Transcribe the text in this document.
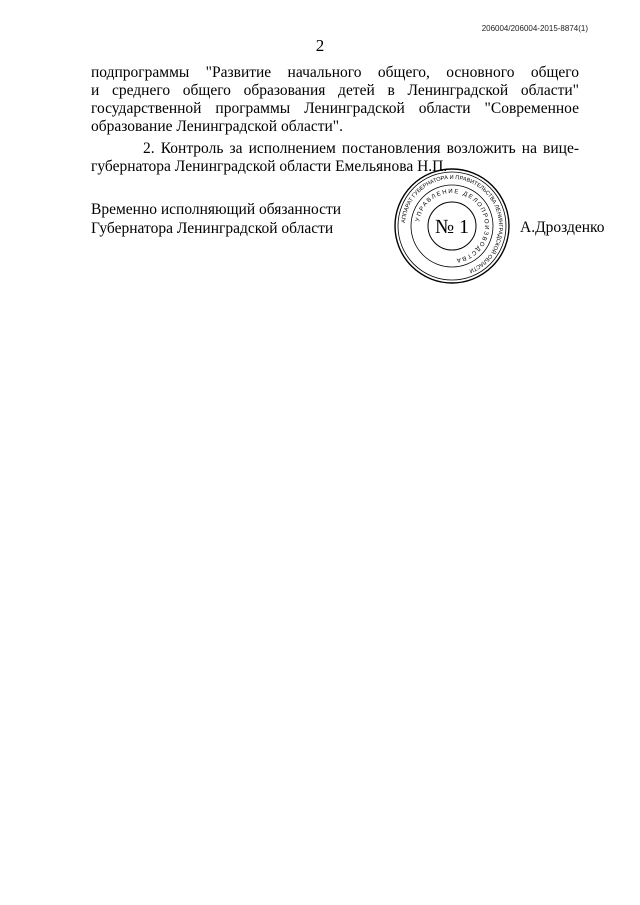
206004/206004-2015-8874(1)
2
подпрограммы "Развитие начального общего, основного общего
и среднего общего образования детей в Ленинградской области"
государственной программы Ленинградской области "Современное
образование Ленинградской области".
2. Контроль за исполнением постановления возложить на вице-
губернатора Ленинградской области Емельянова Н.П.
Временно исполняющий обязанности
Губернатора Ленинградской области	АППАРАТ ГУБЕРНАТОРА И ПРАВИТЕЛЬСТВА ЛЕНИНГРАДСКОЙ ОБЛАСТИ
УПРАВЛЕНИЕ ДЕЛОПРОИЗВОДСТВА
№ 1	А.Дрозденко
